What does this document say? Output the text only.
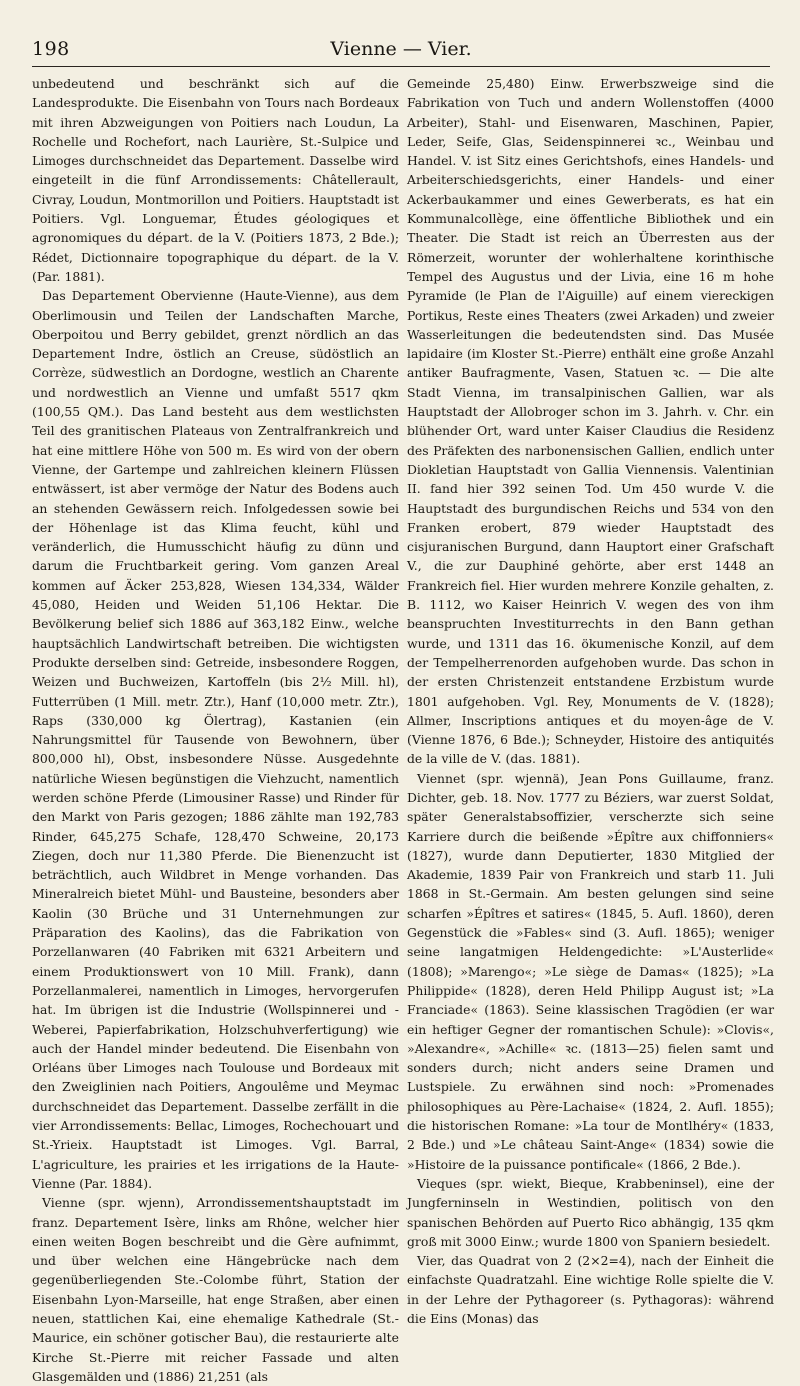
198	Vienne — Vier.

unbedeutend und beschränkt sich auf die Landesprodukte. Die Eisenbahn von Tours nach Bordeaux mit ihren Abzweigungen von Poitiers nach Loudun, La Rochelle und Rochefort, nach Laurière, St.-Sulpice und Limoges durchschneidet das Departement. Dasselbe wird eingeteilt in die fünf Arrondissements: Châtellerault, Civray, Loudun, Montmorillon und Poitiers. Hauptstadt ist Poitiers. Vgl. Longuemar, Études géologiques et agronomiques du départ. de la V. (Poitiers 1873, 2 Bde.); Rédet, Dictionnaire topographique du départ. de la V. (Par. 1881).

Das Departement Obervienne (Haute-Vienne), aus dem Oberlimousin und Teilen der Landschaften Marche, Oberpoitou und Berry gebildet, grenzt nördlich an das Departement Indre, östlich an Creuse, südöstlich an Corrèze, südwestlich an Dordogne, westlich an Charente und nordwestlich an Vienne und umfaßt 5517 qkm (100,55 QM.). Das Land besteht aus dem westlichsten Teil des granitischen Plateaus von Zentralfrankreich und hat eine mittlere Höhe von 500 m. Es wird von der obern Vienne, der Gartempe und zahlreichen kleinern Flüssen entwässert, ist aber vermöge der Natur des Bodens auch an stehenden Gewässern reich. Infolgedessen sowie bei der Höhenlage ist das Klima feucht, kühl und veränderlich, die Humusschicht häufig zu dünn und darum die Fruchtbarkeit gering. Vom ganzen Areal kommen auf Äcker 253,828, Wiesen 134,334, Wälder 45,080, Heiden und Weiden 51,106 Hektar. Die Bevölkerung belief sich 1886 auf 363,182 Einw., welche hauptsächlich Landwirtschaft betreiben. Die wichtigsten Produkte derselben sind: Getreide, insbesondere Roggen, Weizen und Buchweizen, Kartoffeln (bis 2½ Mill. hl), Futterrüben (1 Mill. metr. Ztr.), Hanf (10,000 metr. Ztr.), Raps (330,000 kg Ölertrag), Kastanien (ein Nahrungsmittel für Tausende von Bewohnern, über 800,000 hl), Obst, insbesondere Nüsse. Ausgedehnte natürliche Wiesen begünstigen die Viehzucht, namentlich werden schöne Pferde (Limousiner Rasse) und Rinder für den Markt von Paris gezogen; 1886 zählte man 192,783 Rinder, 645,275 Schafe, 128,470 Schweine, 20,173 Ziegen, doch nur 11,380 Pferde. Die Bienenzucht ist beträchtlich, auch Wildbret in Menge vorhanden. Das Mineralreich bietet Mühl- und Bausteine, besonders aber Kaolin (30 Brüche und 31 Unternehmungen zur Präparation des Kaolins), das die Fabrikation von Porzellanwaren (40 Fabriken mit 6321 Arbeitern und einem Produktionswert von 10 Mill. Frank), dann Porzellanmalerei, namentlich in Limoges, hervorgerufen hat. Im übrigen ist die Industrie (Wollspinnerei und -Weberei, Papierfabrikation, Holzschuhverfertigung) wie auch der Handel minder bedeutend. Die Eisenbahn von Orléans über Limoges nach Toulouse und Bordeaux mit den Zweiglinien nach Poitiers, Angoulême und Meymac durchschneidet das Departement. Dasselbe zerfällt in die vier Arrondissements: Bellac, Limoges, Rochechouart und St.-Yrieix. Hauptstadt ist Limoges. Vgl. Barral, L'agriculture, les prairies et les irrigations de la Haute-Vienne (Par. 1884).

Vienne (spr. wjenn), Arrondissementshauptstadt im franz. Departement Isère, links am Rhône, welcher hier einen weiten Bogen beschreibt und die Gère aufnimmt, und über welchen eine Hängebrücke nach dem gegenüberliegenden Ste.-Colombe führt, Station der Eisenbahn Lyon-Marseille, hat enge Straßen, aber einen neuen, stattlichen Kai, eine ehemalige Kathedrale (St.-Maurice, ein schöner gotischer Bau), die restaurierte alte Kirche St.-Pierre mit reicher Fassade und alten Glasgemälden und (1886) 21,251 (als

Gemeinde 25,480) Einw. Erwerbszweige sind die Fabrikation von Tuch und andern Wollenstoffen (4000 Arbeiter), Stahl- und Eisenwaren, Maschinen, Papier, Leder, Seife, Glas, Seidenspinnerei ꝛc., Weinbau und Handel. V. ist Sitz eines Gerichtshofs, eines Handels- und Arbeiterschiedsgerichts, einer Handels- und einer Ackerbaukammer und eines Gewerberats, es hat ein Kommunalcollège, eine öffentliche Bibliothek und ein Theater. Die Stadt ist reich an Überresten aus der Römerzeit, worunter der wohlerhaltene korinthische Tempel des Augustus und der Livia, eine 16 m hohe Pyramide (le Plan de l'Aiguille) auf einem viereckigen Portikus, Reste eines Theaters (zwei Arkaden) und zweier Wasserleitungen die bedeutendsten sind. Das Musée lapidaire (im Kloster St.-Pierre) enthält eine große Anzahl antiker Baufragmente, Vasen, Statuen ꝛc. — Die alte Stadt Vienna, im transalpinischen Gallien, war als Hauptstadt der Allobroger schon im 3. Jahrh. v. Chr. ein blühender Ort, ward unter Kaiser Claudius die Residenz des Präfekten des narbonensischen Gallien, endlich unter Diokletian Hauptstadt von Gallia Viennensis. Valentinian II. fand hier 392 seinen Tod. Um 450 wurde V. die Hauptstadt des burgundischen Reichs und 534 von den Franken erobert, 879 wieder Hauptstadt des cisjuranischen Burgund, dann Hauptort einer Grafschaft V., die zur Dauphiné gehörte, aber erst 1448 an Frankreich fiel. Hier wurden mehrere Konzile gehalten, z. B. 1112, wo Kaiser Heinrich V. wegen des von ihm beanspruchten Investiturrechts in den Bann gethan wurde, und 1311 das 16. ökumenische Konzil, auf dem der Tempelherrenorden aufgehoben wurde. Das schon in der ersten Christenzeit entstandene Erzbistum wurde 1801 aufgehoben. Vgl. Rey, Monuments de V. (1828); Allmer, Inscriptions antiques et du moyen-âge de V. (Vienne 1876, 6 Bde.); Schneyder, Histoire des antiquités de la ville de V. (das. 1881).

Viennet (spr. wjennä), Jean Pons Guillaume, franz. Dichter, geb. 18. Nov. 1777 zu Béziers, war zuerst Soldat, später Generalstabsoffizier, verscherzte sich seine Karriere durch die beißende »Épître aux chiffonniers« (1827), wurde dann Deputierter, 1830 Mitglied der Akademie, 1839 Pair von Frankreich und starb 11. Juli 1868 in St.-Germain. Am besten gelungen sind seine scharfen »Épîtres et satires« (1845, 5. Aufl. 1860), deren Gegenstück die »Fables« sind (3. Aufl. 1865); weniger seine langatmigen Heldengedichte: »L'Austerlide« (1808); »Marengo«; »Le siège de Damas« (1825); »La Philippide« (1828), deren Held Philipp August ist; »La Franciade« (1863). Seine klassischen Tragödien (er war ein heftiger Gegner der romantischen Schule): »Clovis«, »Alexandre«, »Achille« ꝛc. (1813—25) fielen samt und sonders durch; nicht anders seine Dramen und Lustspiele. Zu erwähnen sind noch: »Promenades philosophiques au Père-Lachaise« (1824, 2. Aufl. 1855); die historischen Romane: »La tour de Montlhéry« (1833, 2 Bde.) und »Le château Saint-Ange« (1834) sowie die »Histoire de la puissance pontificale« (1866, 2 Bde.).

Vieques (spr. wiekt, Bieque, Krabbeninsel), eine der Jungferninseln in Westindien, politisch von den spanischen Behörden auf Puerto Rico abhängig, 135 qkm groß mit 3000 Einw.; wurde 1800 von Spaniern besiedelt.

Vier, das Quadrat von 2 (2×2=4), nach der Einheit die einfachste Quadratzahl. Eine wichtige Rolle spielte die V. in der Lehre der Pythagoreer (s. Pythagoras): während die Eins (Monas) das
